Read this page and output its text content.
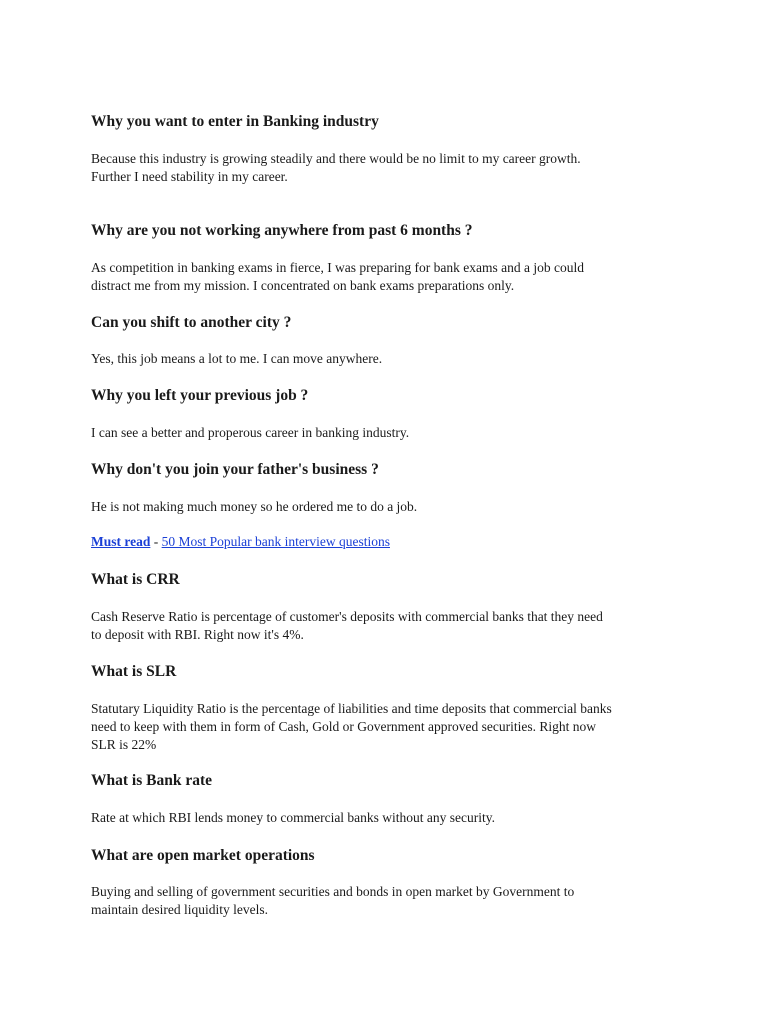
Why you want to enter in Banking industry

Because this industry is growing steadily and there would be no limit to my career growth.
Further I need stability in my career.

Why are you not working anywhere from past 6 months ?

As competition in banking exams in fierce, I was preparing for bank exams and a job could
distract me from my mission. I concentrated on bank exams preparations only.

Can you shift to another city ?

Yes, this job means a lot to me. I can move anywhere.

Why you left your previous job ?

I can see a better and properous career in banking industry.

Why don't you join your father's business ?

He is not making much money so he ordered me to do a job.

Must read - 50 Most Popular bank interview questions

What is CRR

Cash Reserve Ratio is percentage of customer's deposits with commercial banks that they need
to deposit with RBI. Right now it's 4%.

What is SLR

Statutary Liquidity Ratio is the percentage of liabilities and time deposits that commercial banks
need to keep with them in form of Cash, Gold or Government approved securities. Right now
SLR is 22%

What is Bank rate

Rate at which RBI lends money to commercial banks without any security.

What are open market operations

Buying and selling of government securities and bonds in open market by Government to
maintain desired liquidity levels.
